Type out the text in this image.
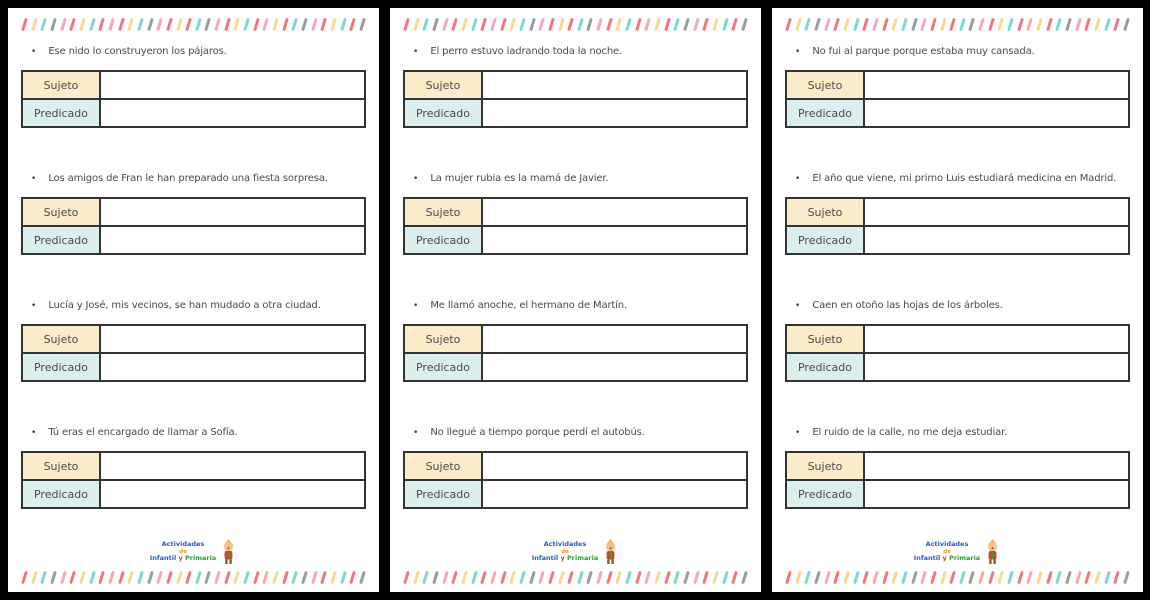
• Ese nido lo construyeron los pájaros.
Sujeto	
Predicado	
• Los amigos de Fran le han preparado una fiesta sorpresa.
Sujeto	
Predicado	
• Lucía y José, mis vecinos, se han mudado a otra ciudad.
Sujeto	
Predicado	
• Tú eras el encargado de llamar a Sofía.
Sujeto	
Predicado	
Actividades
de
Infantil y Primaria
• El perro estuvo ladrando toda la noche.
Sujeto	
Predicado	
• La mujer rubia es la mamá de Javier.
Sujeto	
Predicado	
• Me llamó anoche, el hermano de Martín.
Sujeto	
Predicado	
• No llegué a tiempo porque perdí el autobús.
Sujeto	
Predicado	
Actividades
de
Infantil y Primaria
• No fui al parque porque estaba muy cansada.
Sujeto	
Predicado	
• El año que viene, mi primo Luis estudiará medicina en Madrid.
Sujeto	
Predicado	
• Caen en otoño las hojas de los árboles.
Sujeto	
Predicado	
• El ruido de la calle, no me deja estudiar.
Sujeto	
Predicado	
Actividades
de
Infantil y Primaria
